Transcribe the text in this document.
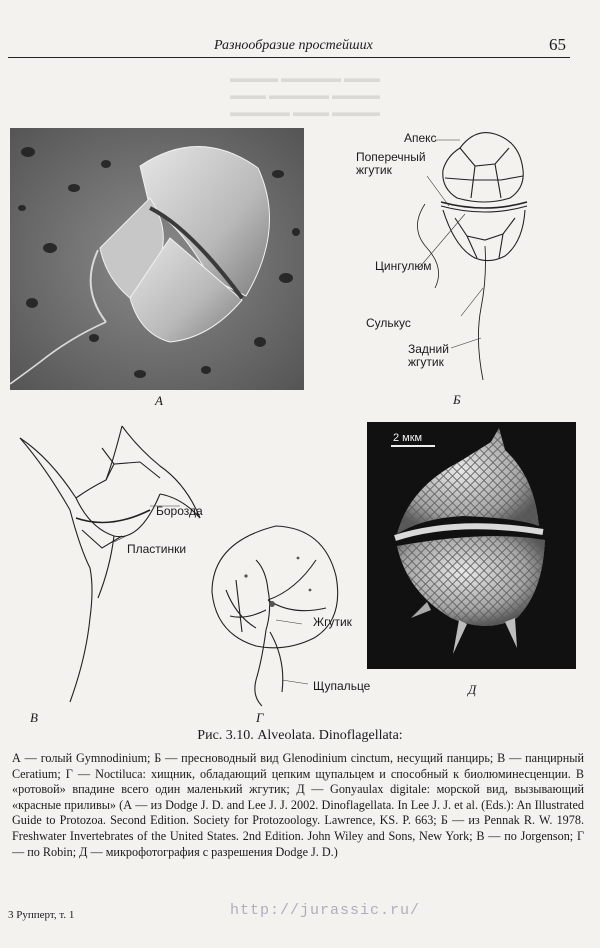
▬▬▬▬ ▬▬▬▬▬ ▬▬▬
▬▬▬ ▬▬▬▬▬ ▬▬▬▬
▬▬▬▬▬ ▬▬▬ ▬▬▬▬
Разнообразие простейших	65
А
Апекс
Поперечный
жгутик
Цингулюм
Сулькус
Задний
жгутик
Б
Борозда
Пластинки
В
Жгутик
Щупальце
Г
2 мкм
Д
Рис. 3.10. Alveolata. Dinoflagellata:
А — голый Gymnodinium; Б — пресноводный вид Glenodinium cinctum, несущий панцирь; В — панцирный Ceratium; Г — Noctiluca: хищник, обладающий цепким щупальцем и способный к биолюминесценции. В «ротовой» впадине всего один маленький жгутик; Д — Gonyaulax digitale: морской вид, вызывающий «красные приливы» (А — из Dodge J. D. and Lee J. J. 2002. Dinoflagellata. In Lee J. J. et al. (Eds.): An Illustrated Guide to Protozoa. Second Edition. Society for Protozoology. Lawrence, KS. P. 663; Б — из Pennak R. W. 1978. Freshwater Invertebrates of the United States. 2nd Edition. John Wiley and Sons, New York; В — по Jorgenson; Г — по Robin; Д — микрофотография с разрешения Dodge J. D.)
3 Рупперт, т. 1	http://jurassic.ru/
